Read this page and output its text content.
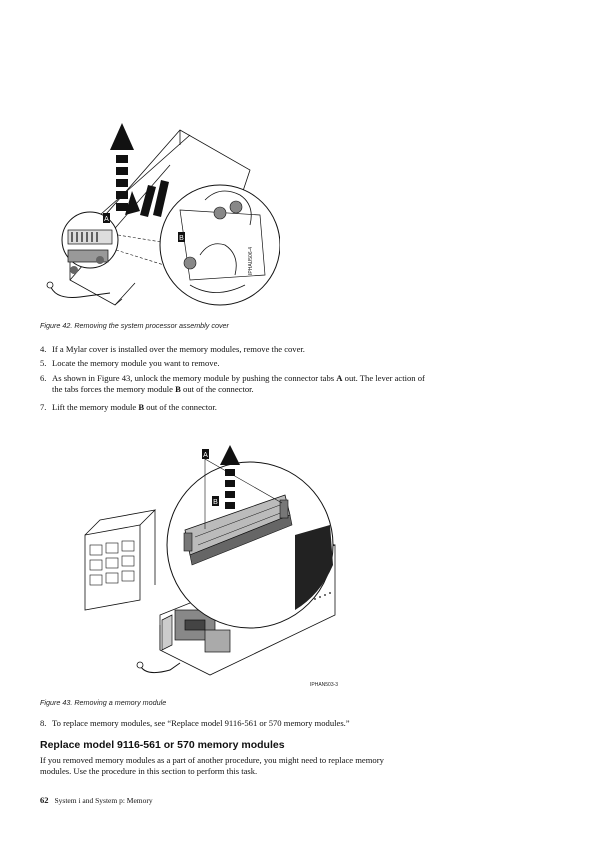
A
B
IPHAU506-4
Figure 42. Removing the system processor assembly cover
4. If a Mylar cover is installed over the memory modules, remove the cover.
5. Locate the memory module you want to remove.
6. As shown in Figure 43, unlock the memory module by pushing the connector tabs A out. The lever action of the tabs forces the memory module B out of the connector.
7. Lift the memory module B out of the connector.
A
B
IPHAN503-3
Figure 43. Removing a memory module
8. To replace memory modules, see “Replace model 9116-561 or 570 memory modules.”
Replace model 9116-561 or 570 memory modules
If you removed memory modules as a part of another procedure, you might need to replace memory modules. Use the procedure in this section to perform this task.
62 System i and System p: Memory
